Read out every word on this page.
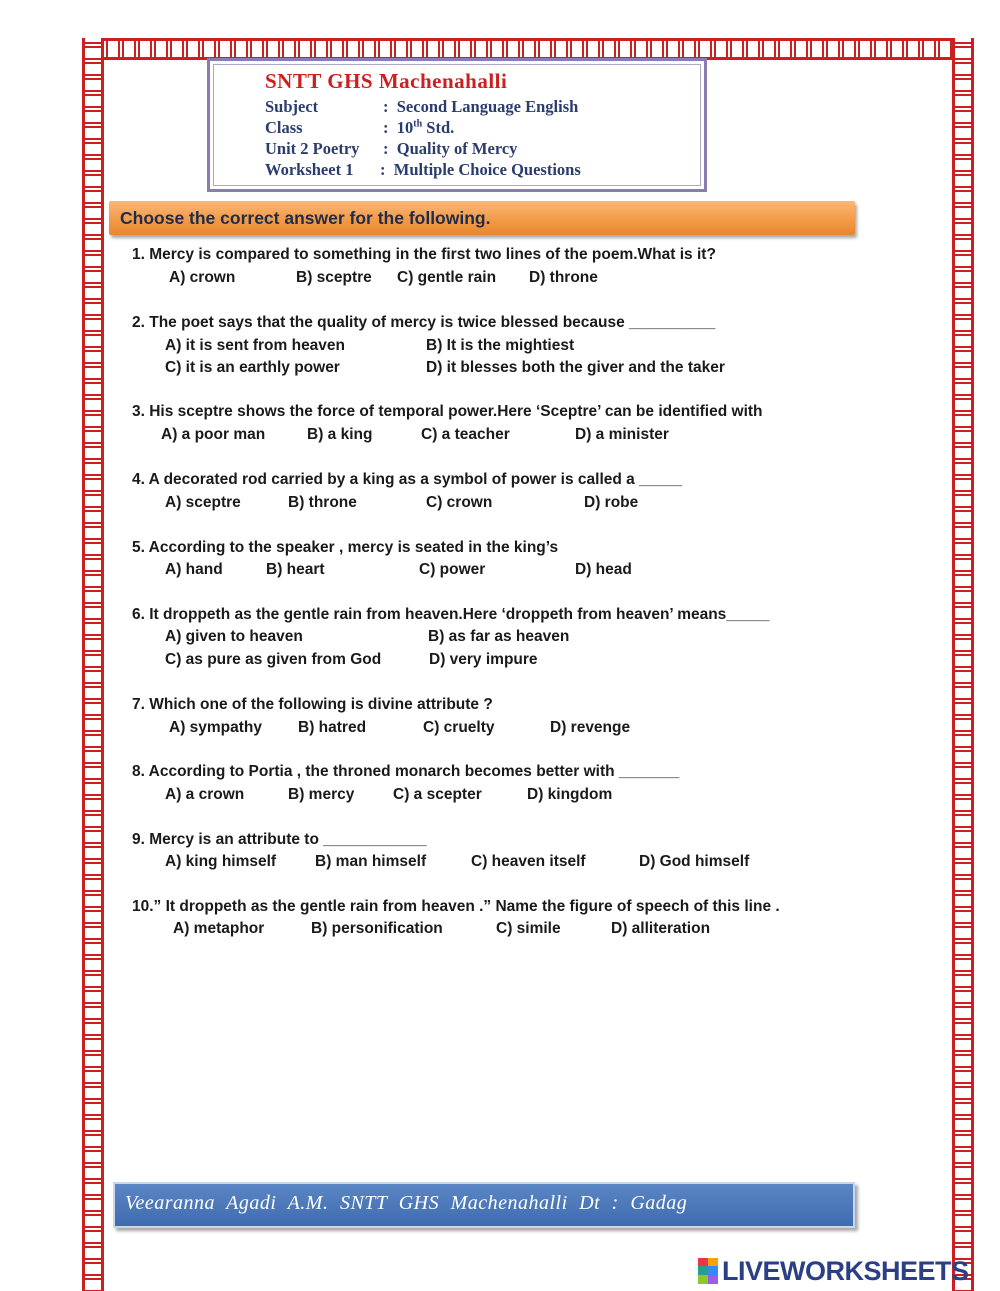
SNTT GHS Machenahalli
Subject	: Second Language English
Class	: 10th Std.
Unit 2 Poetry : Quality of Mercy
Worksheet 1 : Multiple Choice Questions
Choose the correct answer for the following.
1. Mercy is compared to something in the first two lines of the poem.What is it?
A) crown	B) sceptre C) gentle rain D) throne
2. The poet says that the quality of mercy is twice blessed because __________
A) it is sent from heaven	B) It is the mightiest
C) it is an earthly power	D) it blesses both the giver and the taker
3. His sceptre shows the force of temporal power.Here ‘Sceptre’ can be identified with
A) a poor man	B) a king	C) a teacher	D) a minister
4. A decorated rod carried by a king as a symbol of power is called a _____
A) sceptre	B) throne	C) crown	D) robe
5. According to the speaker , mercy is seated in the king’s
A) hand	B) heart	C) power	D) head
6. It droppeth as the gentle rain from heaven.Here ‘droppeth from heaven’ means_____
A) given to heaven	B) as far as heaven
C) as pure as given from God	D) very impure
7. Which one of the following is divine attribute ?
A) sympathy B) hatred	C) cruelty	D) revenge
8. According to Portia , the throned monarch becomes better with _______
A) a crown	B) mercy C) a scepter	D) kingdom
9. Mercy is an attribute to ____________
A) king himself	B) man himself	C) heaven itself	D) God himself
10.” It droppeth as the gentle rain from heaven .” Name the figure of speech of this line .
A) metaphor	B) personification	C) simile	D) alliteration
Veearanna Agadi A.M. SNTT GHS Machenahalli Dt : Gadag
LIVEWORKSHEETS
